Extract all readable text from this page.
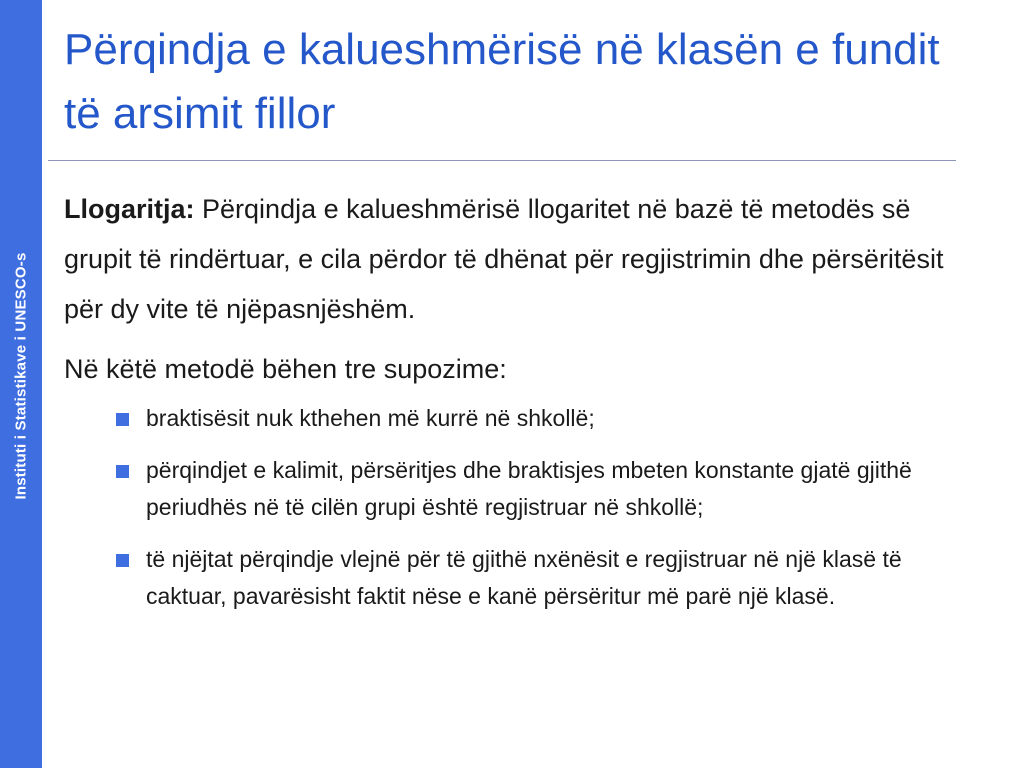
Instituti i Statistikave i UNESCO-s
Përqindja e kalueshmërisë në klasën e fundit të arsimit fillor

Llogaritja: Përqindja e kalueshmërisë llogaritet në bazë të metodës së grupit të rindërtuar, e cila përdor të dhënat për regjistrimin dhe përsëritësit për dy vite të njëpasnjëshëm.

Në këtë metodë bëhen tre supozime:

braktisësit nuk kthehen më kurrë në shkollë;
përqindjet e kalimit, përsëritjes dhe braktisjes mbeten konstante gjatë gjithë periudhës në të cilën grupi është regjistruar në shkollë;
të njëjtat përqindje vlejnë për të gjithë nxënësit e regjistruar në një klasë të caktuar, pavarësisht faktit nëse e kanë përsëritur më parë një klasë.
